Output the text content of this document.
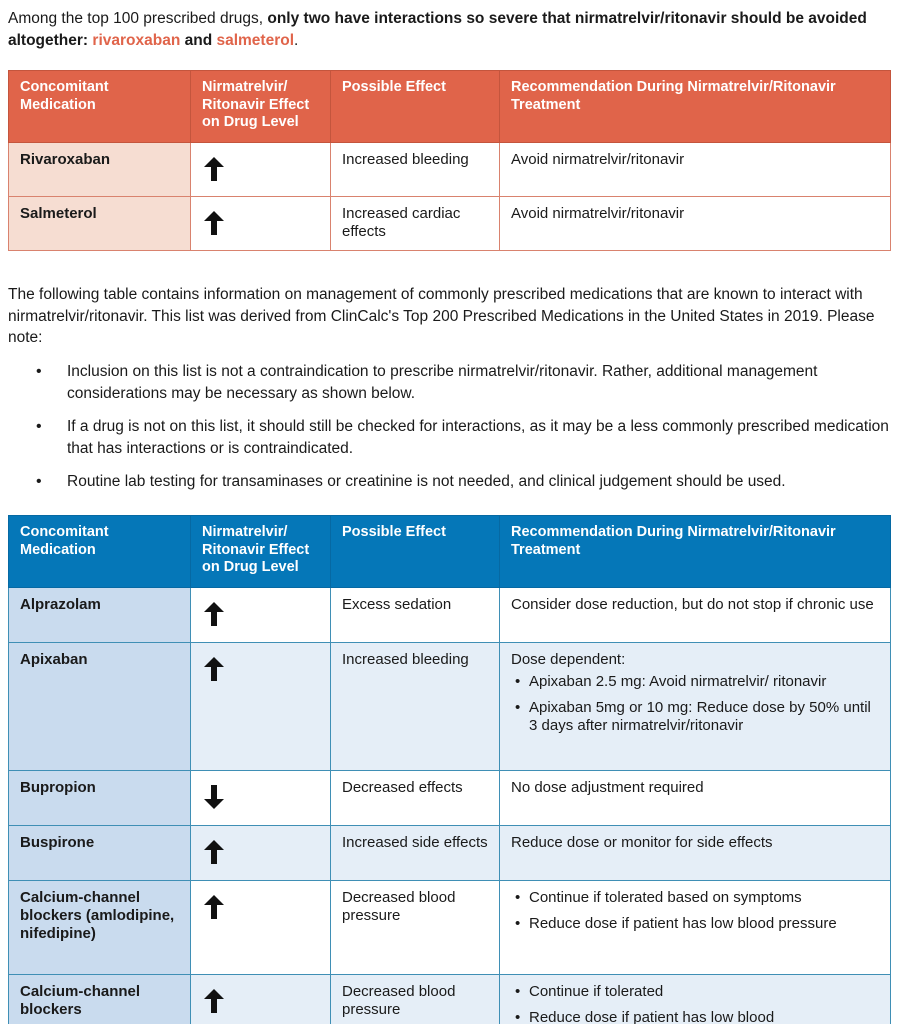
Among the top 100 prescribed drugs, only two have interactions so severe that nirmatrelvir/ritonavir should be avoided altogether: rivaroxaban and salmeterol.

Concomitant Medication	Nirmatrelvir/ Ritonavir Effect on Drug Level	Possible Effect	Recommendation During Nirmatrelvir/Ritonavir Treatment
Rivaroxaban		Increased bleeding	Avoid nirmatrelvir/ritonavir
Salmeterol		Increased cardiac effects	Avoid nirmatrelvir/ritonavir

The following table contains information on management of commonly prescribed medications that are known to interact with nirmatrelvir/ritonavir. This list was derived from ClinCalc's Top 200 Prescribed Medications in the United States in 2019. Please note:

• Inclusion on this list is not a contraindication to prescribe nirmatrelvir/ritonavir. Rather, additional management considerations may be necessary as shown below.
• If a drug is not on this list, it should still be checked for interactions, as it may be a less commonly prescribed medication that has interactions or is contraindicated.
• Routine lab testing for transaminases or creatinine is not needed, and clinical judgement should be used.
Concomitant Medication	Nirmatrelvir/ Ritonavir Effect on Drug Level	Possible Effect	Recommendation During Nirmatrelvir/Ritonavir Treatment
Alprazolam		Excess sedation	Consider dose reduction, but do not stop if chronic use
Apixaban		Increased bleeding	Dose dependent:
• Apixaban 2.5 mg: Avoid nirmatrelvir/ ritonavir
• Apixaban 5mg or 10 mg: Reduce dose by 50% until 3 days after nirmatrelvir/ritonavir

Bupropion		Decreased effects	No dose adjustment required
Buspirone		Increased side effects	Reduce dose or monitor for side effects
Calcium-channel blockers (amlodipine, nifedipine)		Decreased blood pressure	
• Continue if tolerated based on symptoms
• Reduce dose if patient has low blood pressure

Calcium-channel blockers		Decreased blood pressure	
• Continue if tolerated
• Reduce dose if patient has low blood
